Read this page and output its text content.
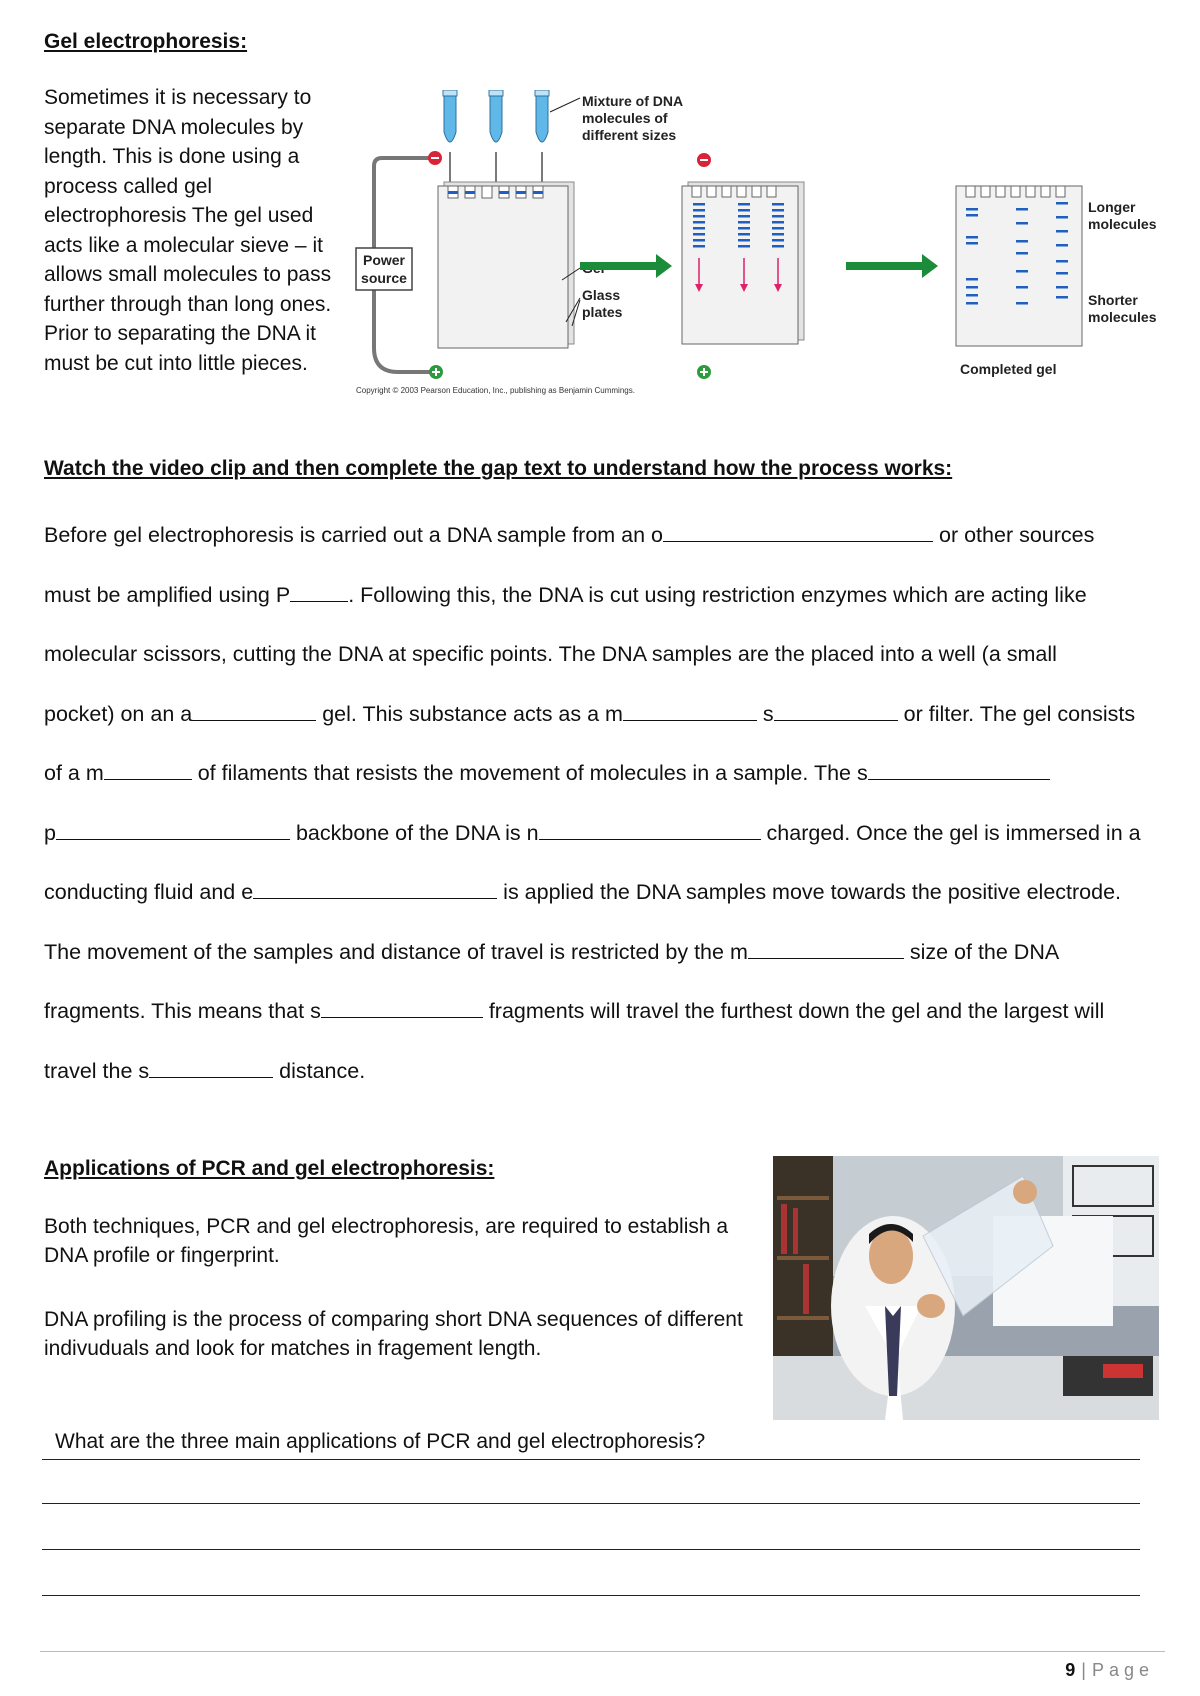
Gel electrophoresis:

Sometimes it is necessary to separate DNA molecules by length. This is done using a process called gel electrophoresis The gel used acts like a molecular sieve – it allows small molecules to pass further through than long ones. Prior to separating the DNA it must be cut into little pieces.

Power
source
Mixture of DNA
molecules of
different sizes
Glass
plates
Longer
molecules
Shorter
molecules
Completed gel
Copyright © 2003 Pearson Education, Inc., publishing as Benjamin Cummings.
Watch the video clip and then complete the gap text to understand how the process works:
Before gel electrophoresis is carried out a DNA sample from an o	or other sources
must be amplified using P	. Following this, the DNA is cut using restriction enzymes which are acting like
molecular scissors, cutting the DNA at specific points. The DNA samples are the placed into a well (a small
pocket) on an a	gel. This substance acts as a m	s	or filter. The gel consists
of a m	of filaments that resists the movement of molecules in a sample. The s
p	backbone of the DNA is n	charged. Once the gel is immersed in a
conducting fluid and e	is applied the DNA samples move towards the positive electrode.
The movement of the samples and distance of travel is restricted by the m	size of the DNA
fragments. This means that s	fragments will travel the furthest down the gel and the largest will
travel the s	distance.
Applications of PCR and gel electrophoresis:

Both techniques, PCR and gel electrophoresis, are required to establish a DNA profile or fingerprint.

DNA profiling is the process of comparing short DNA sequences of different indivuduals and look for matches in fragement length.

What are the three main applications of PCR and gel electrophoresis?
9 | Page
